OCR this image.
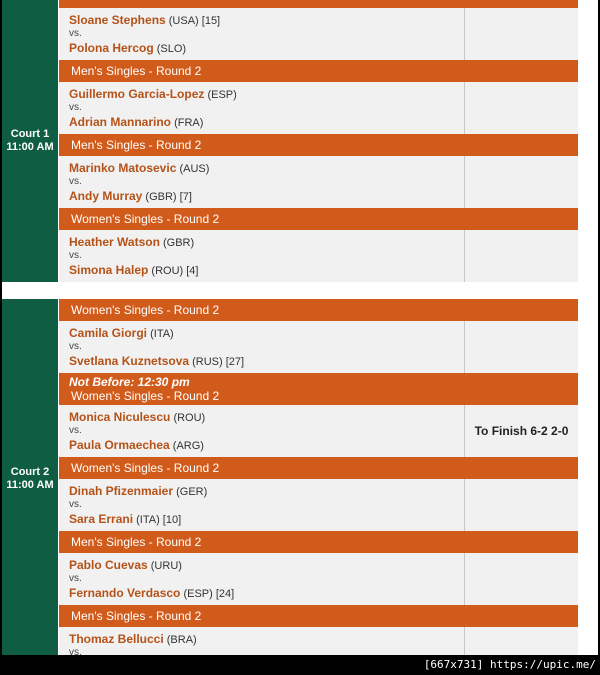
Court 1
11:00 AM
Sloane Stephens (USA) [15]
vs.
Polona Hercog (SLO)
Men's Singles - Round 2
Guillermo Garcia-Lopez (ESP)
vs.
Adrian Mannarino (FRA)
Men's Singles - Round 2
Marinko Matosevic (AUS)
vs.
Andy Murray (GBR) [7]
Women's Singles - Round 2
Heather Watson (GBR)
vs.
Simona Halep (ROU) [4]
Court 2
11:00 AM
Women's Singles - Round 2
Camila Giorgi (ITA)
vs.
Svetlana Kuznetsova (RUS) [27]
Not Before: 12:30 pm
Women's Singles - Round 2
Monica Niculescu (ROU)
vs.
Paula Ormaechea (ARG)
To Finish 6-2 2-0
Women's Singles - Round 2
Dinah Pfizenmaier (GER)
vs.
Sara Errani (ITA) [10]
Men's Singles - Round 2
Pablo Cuevas (URU)
vs.
Fernando Verdasco (ESP) [24]
Men's Singles - Round 2
Thomaz Bellucci (BRA)
vs.
[667x731] https://upic.me/
